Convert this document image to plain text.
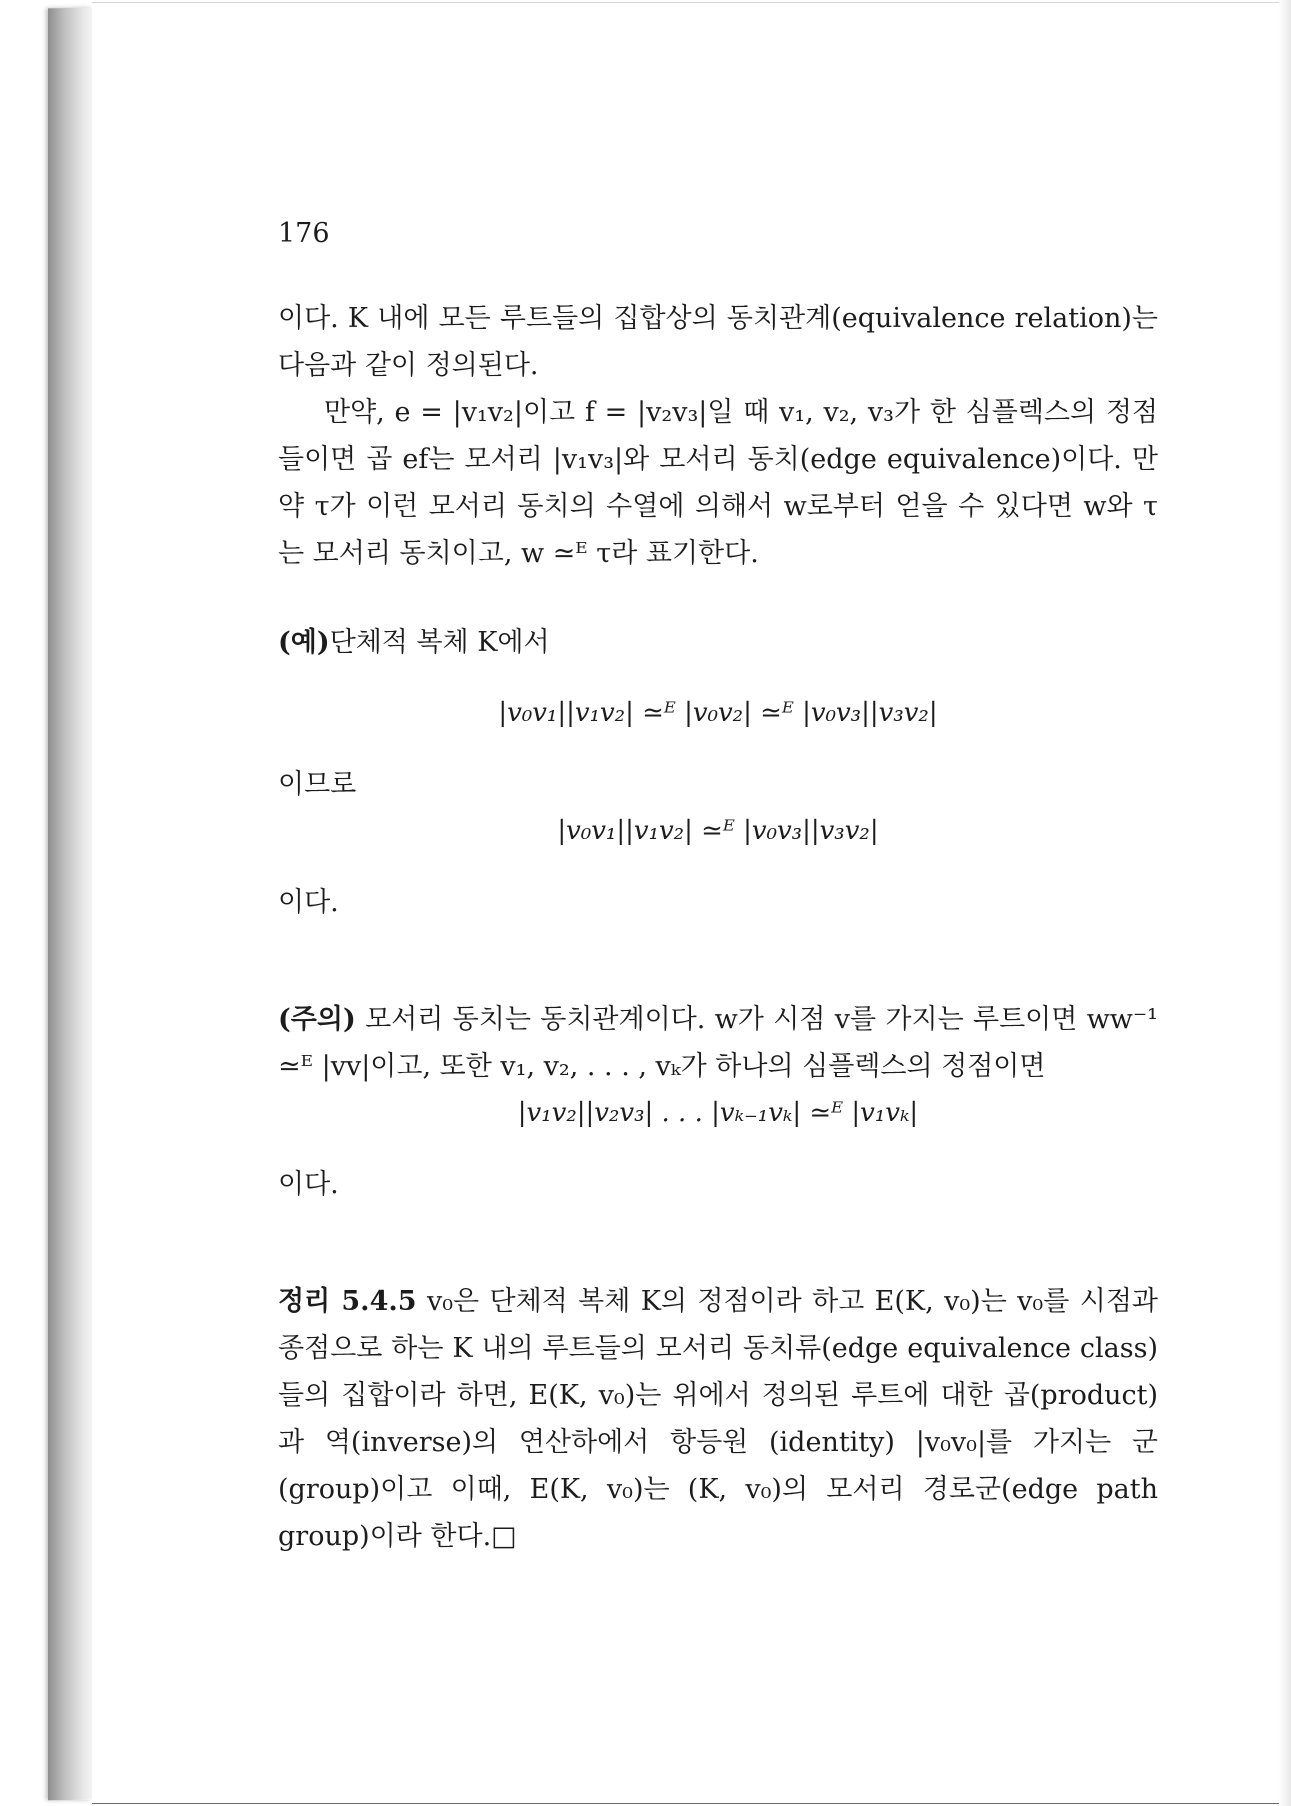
176

이다. K 내에 모든 루트들의 집합상의 동치관계(equivalence relation)는 다음과 같이 정의된다.

만약, e = |v₁v₂|이고 f = |v₂v₃|일 때 v₁, v₂, v₃가 한 심플렉스의 정점들이면 곱 ef는 모서리 |v₁v₃|와 모서리 동치(edge equivalence)이다. 만약 τ가 이런 모서리 동치의 수열에 의해서 w로부터 얻을 수 있다면 w와 τ는 모서리 동치이고, w ≃ᴱ τ라 표기한다.

(예)단체적 복체 K에서

|v₀v₁||v₁v₂| ≃ᴱ |v₀v₂| ≃ᴱ |v₀v₃||v₃v₂|

이므로

|v₀v₁||v₁v₂| ≃ᴱ |v₀v₃||v₃v₂|

이다.

(주의) 모서리 동치는 동치관계이다. w가 시점 v를 가지는 루트이면 ww⁻¹ ≃ᴱ |vv|이고, 또한 v₁, v₂, . . . , vₖ가 하나의 심플렉스의 정점이면

|v₁v₂||v₂v₃| . . . |vₖ₋₁vₖ| ≃ᴱ |v₁vₖ|

이다.

정리 5.4.5 v₀은 단체적 복체 K의 정점이라 하고 E(K, v₀)는 v₀를 시점과 종점으로 하는 K 내의 루트들의 모서리 동치류(edge equivalence class)들의 집합이라 하면, E(K, v₀)는 위에서 정의된 루트에 대한 곱(product)과 역(inverse)의 연산하에서 항등원 (identity) |v₀v₀|를 가지는 군(group)이고 이때, E(K, v₀)는 (K, v₀)의 모서리 경로군(edge path group)이라 한다.□
